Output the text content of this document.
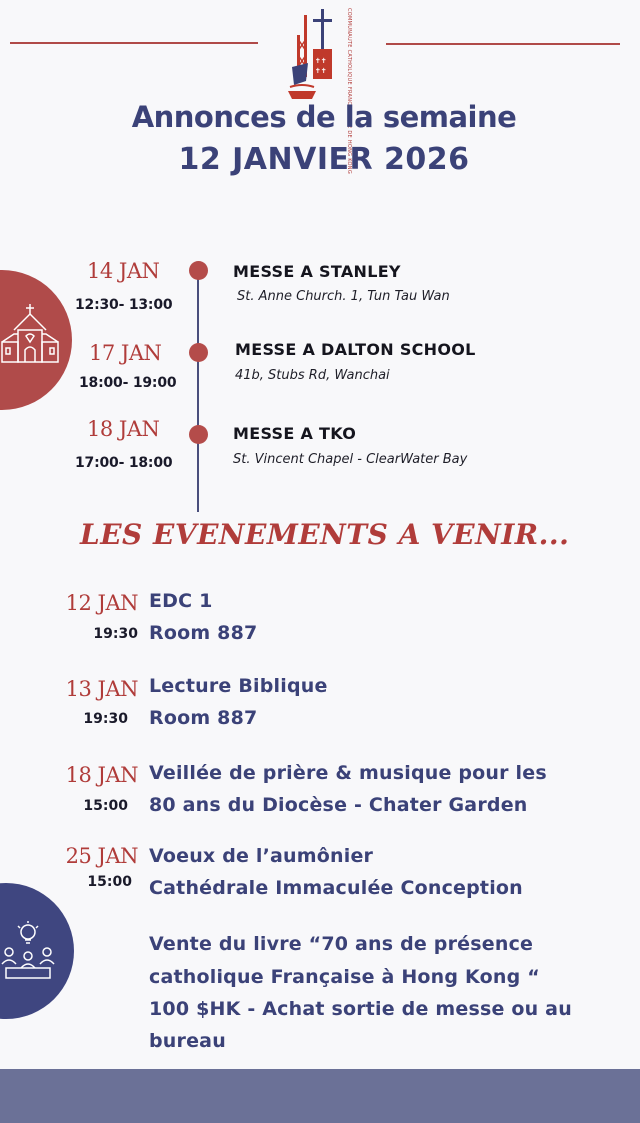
✝✝
✝✝	COMMUNAUTE CATHOLIQUE FRANCOPHONE DE HONG KONG
Annonces de la semaine
12 JANVIER 2026
14 JAN
12:30- 13:00
MESSE A STANLEY
St. Anne Church. 1, Tun Tau Wan
17 JAN
18:00- 19:00
MESSE A DALTON SCHOOL
41b, Stubs Rd, Wanchai
18 JAN
17:00- 18:00
MESSE A TKO
St. Vincent Chapel - ClearWater Bay
LES EVENEMENTS A VENIR...
12 JAN
19:30
EDC 1
Room 887
13 JAN
19:30
Lecture Biblique
Room 887
18 JAN
15:00
Veillée de prière & musique pour les
80 ans du Diocèse - Chater Garden
25 JAN
15:00
Voeux de l’aumônier
Cathédrale Immaculée Conception
Vente du livre “70 ans de présence
catholique Française à Hong Kong “
100 $HK - Achat sortie de messe ou au
bureau
